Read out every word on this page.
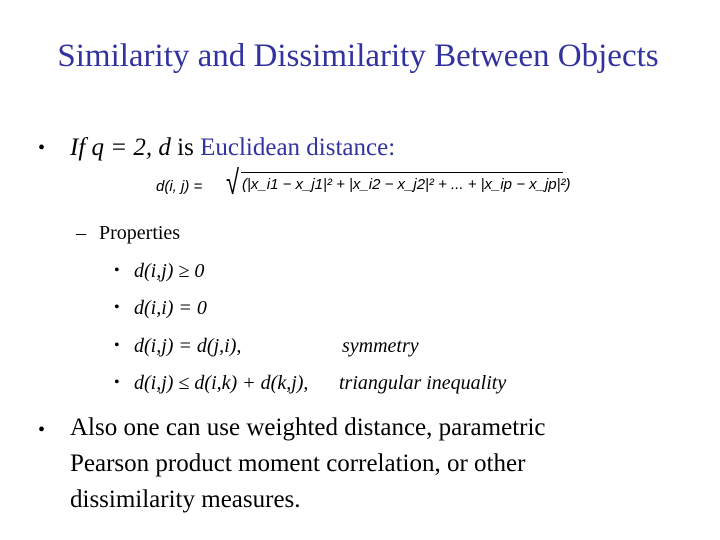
Similarity and Dissimilarity Between Objects
• If q = 2, d is Euclidean distance:
d(i, j) = √ (|x_i1 − x_j1|² + |x_i2 − x_j2|² + ... + |x_ip − x_jp|²)
– Properties
• d(i,j) ≥ 0
• d(i,i) = 0
• d(i,j) = d(j,i),	symmetry
• d(i,j) ≤ d(i,k) + d(k,j), triangular inequality
• Also one can use weighted distance, parametric
Pearson product moment correlation, or other
dissimilarity measures.
